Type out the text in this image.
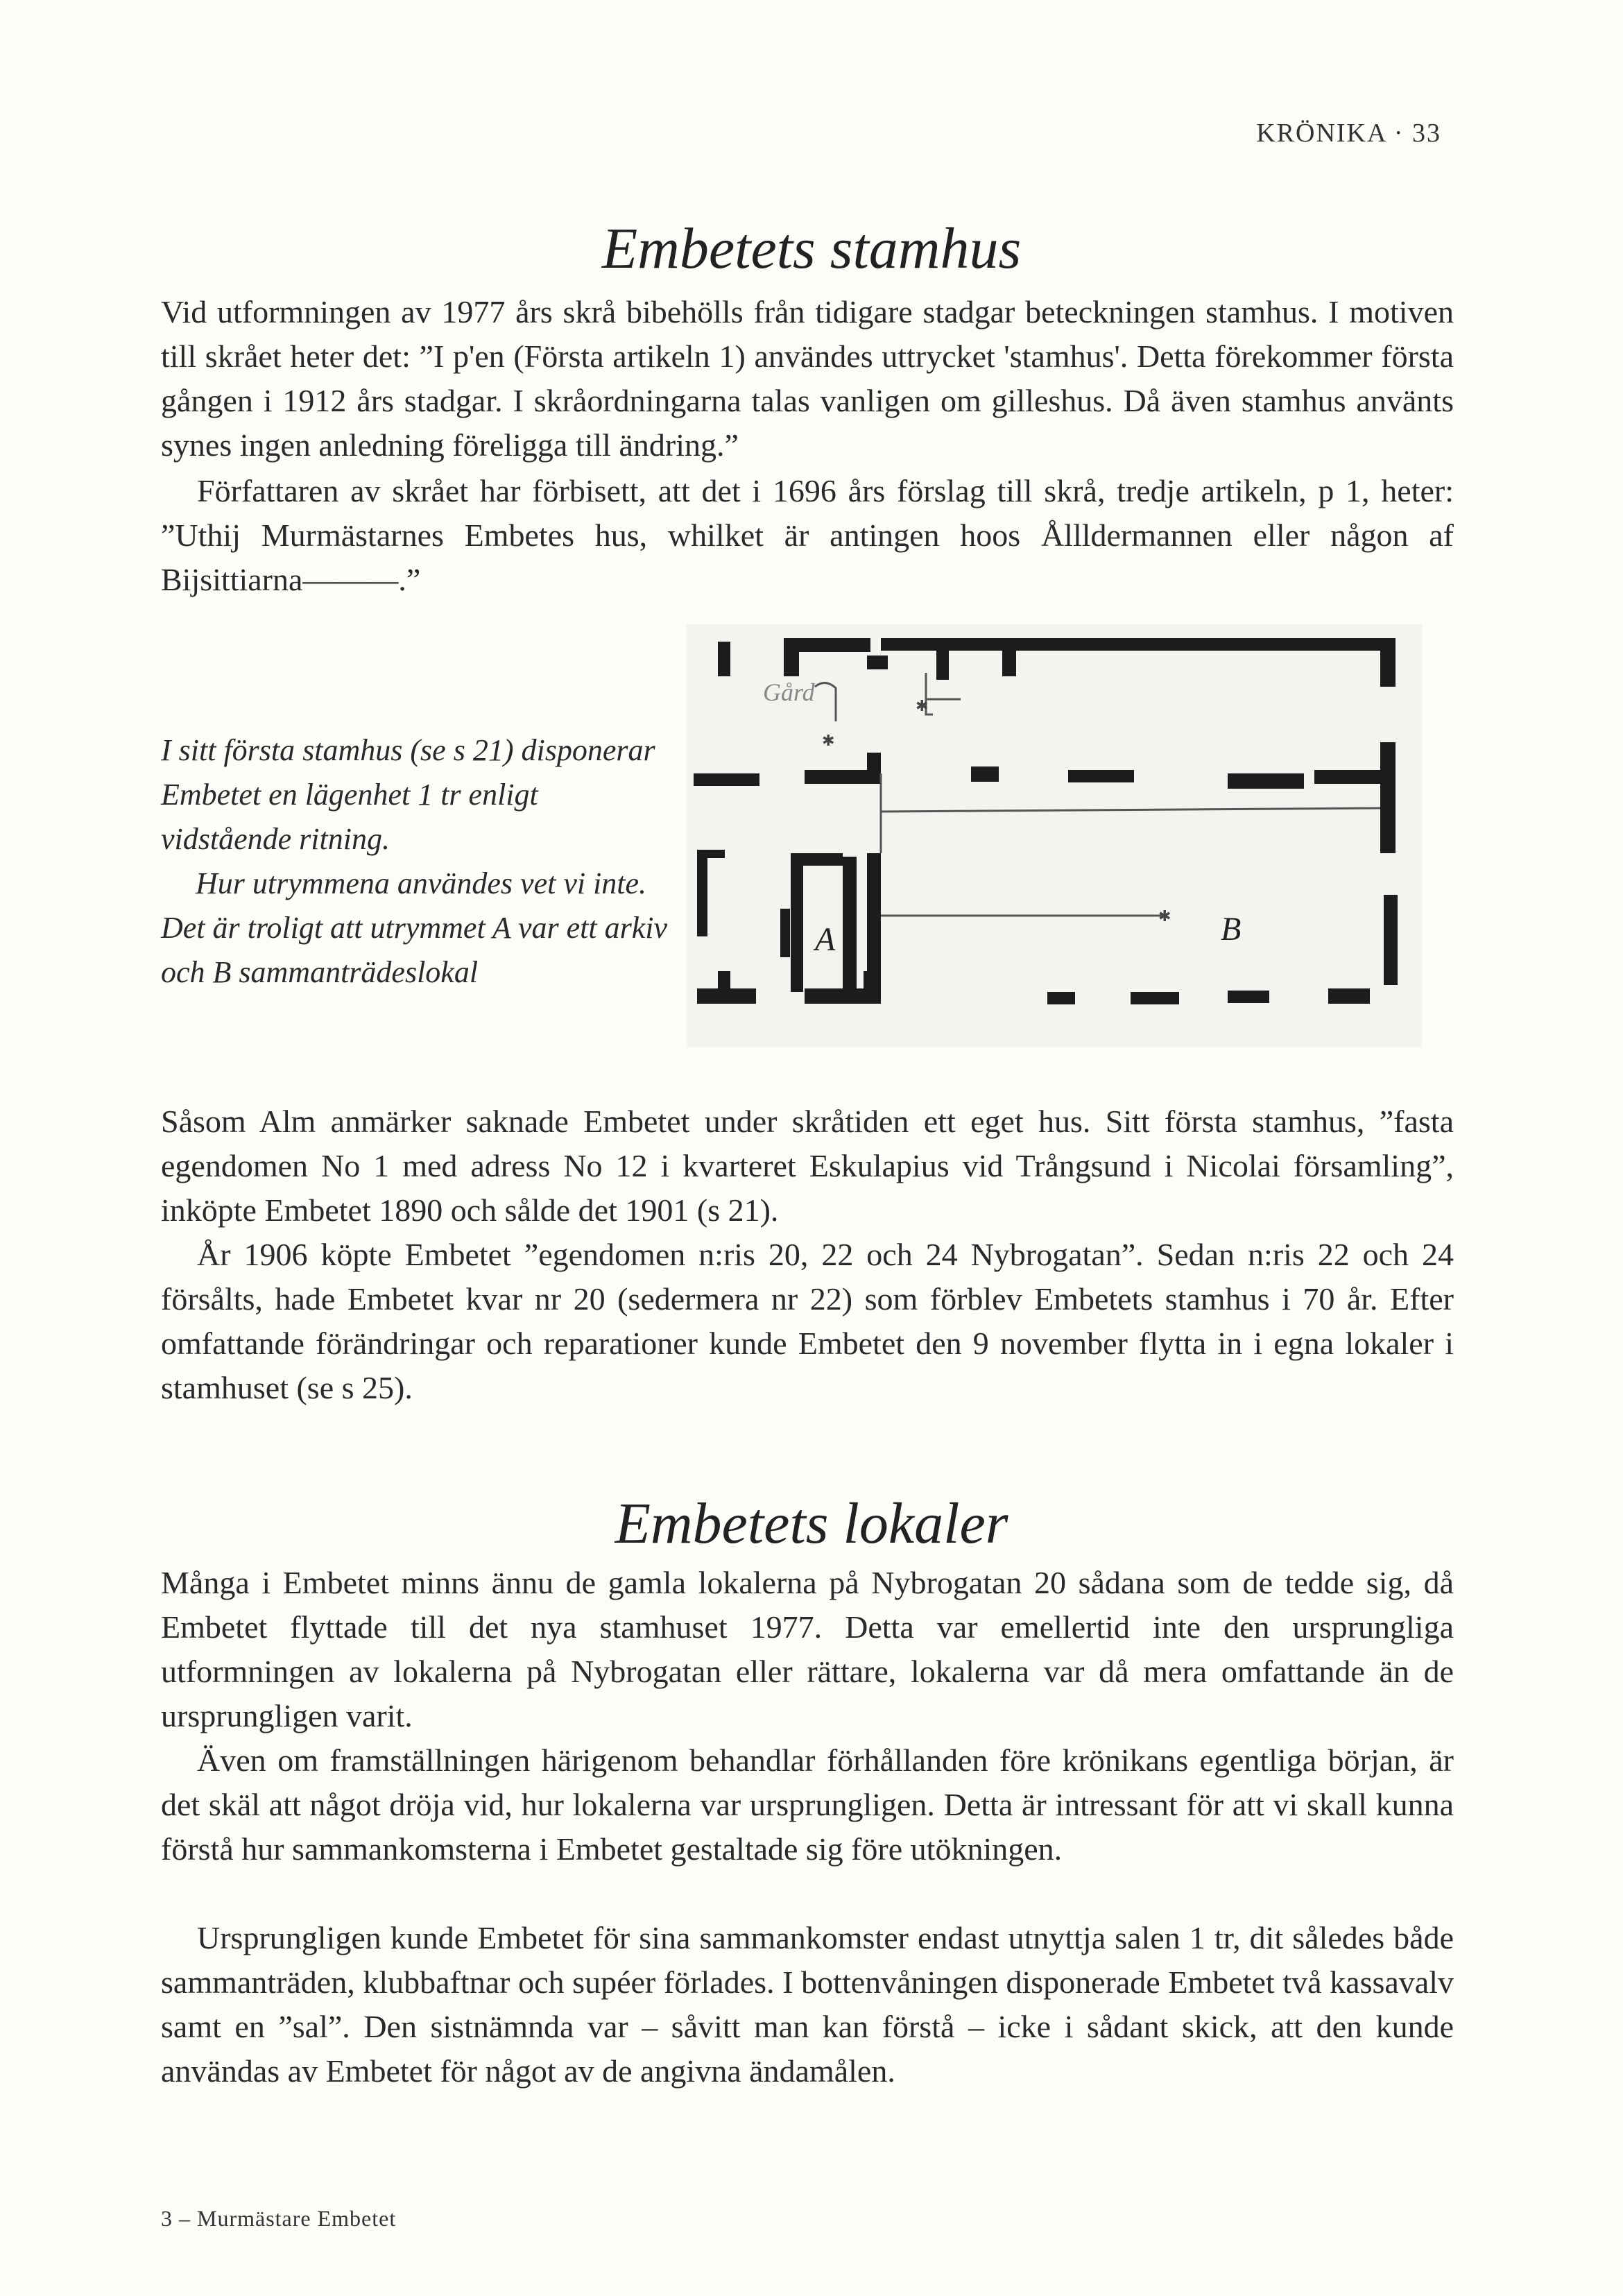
KRÖNIKA · 33
Embetets stamhus

Vid utformningen av 1977 års skrå bibehölls från tidigare stadgar beteckningen stamhus. I motiven till skrået heter det: ”I p'en (Första artikeln 1) användes uttrycket 'stamhus'. Detta förekommer första gången i 1912 års stadgar. I skråordningarna talas vanligen om gilleshus. Då även stamhus använts synes ingen anledning föreligga till ändring.”

Författaren av skrået har förbisett, att det i 1696 års förslag till skrå, tredje artikeln, p 1, heter: ”Uthij Murmästarnes Embetes hus, whilket är antingen hoos Ållldermannen eller någon af Bijsittiarna———.”

I sitt första stamhus (se s 21) disponerar Embetet en lägenhet 1 tr enligt vidstående ritning.

Hur utrymmena användes vet vi inte. Det är troligt att utrymmet A var ett arkiv och B sammanträdeslokal

✱
✱
✱
Gård
A	B

Såsom Alm anmärker saknade Embetet under skråtiden ett eget hus. Sitt första stamhus, ”fasta egendomen No 1 med adress No 12 i kvarteret Eskulapius vid Trångsund i Nicolai församling”, inköpte Embetet 1890 och sålde det 1901 (s 21).

År 1906 köpte Embetet ”egendomen n:ris 20, 22 och 24 Nybrogatan”. Sedan n:ris 22 och 24 försålts, hade Embetet kvar nr 20 (sedermera nr 22) som förblev Embetets stamhus i 70 år. Efter omfattande förändringar och reparationer kunde Embetet den 9 november flytta in i egna lokaler i stamhuset (se s 25).

Embetets lokaler

Många i Embetet minns ännu de gamla lokalerna på Nybrogatan 20 sådana som de tedde sig, då Embetet flyttade till det nya stamhuset 1977. Detta var emellertid inte den ursprungliga utformningen av lokalerna på Nybrogatan eller rättare, lokalerna var då mera omfattande än de ursprungligen varit.

Även om framställningen härigenom behandlar förhållanden före krönikans egentliga början, är det skäl att något dröja vid, hur lokalerna var ursprungligen. Detta är intressant för att vi skall kunna förstå hur sammankomsterna i Embetet gestaltade sig före utökningen.

Ursprungligen kunde Embetet för sina sammankomster endast utnyttja salen 1 tr, dit således både sammanträden, klubbaftnar och supéer förlades. I bottenvåningen disponerade Embetet två kassavalv samt en ”sal”. Den sistnämnda var – såvitt man kan förstå – icke i sådant skick, att den kunde användas av Embetet för något av de angivna ändamålen.

3 – Murmästare Embetet
